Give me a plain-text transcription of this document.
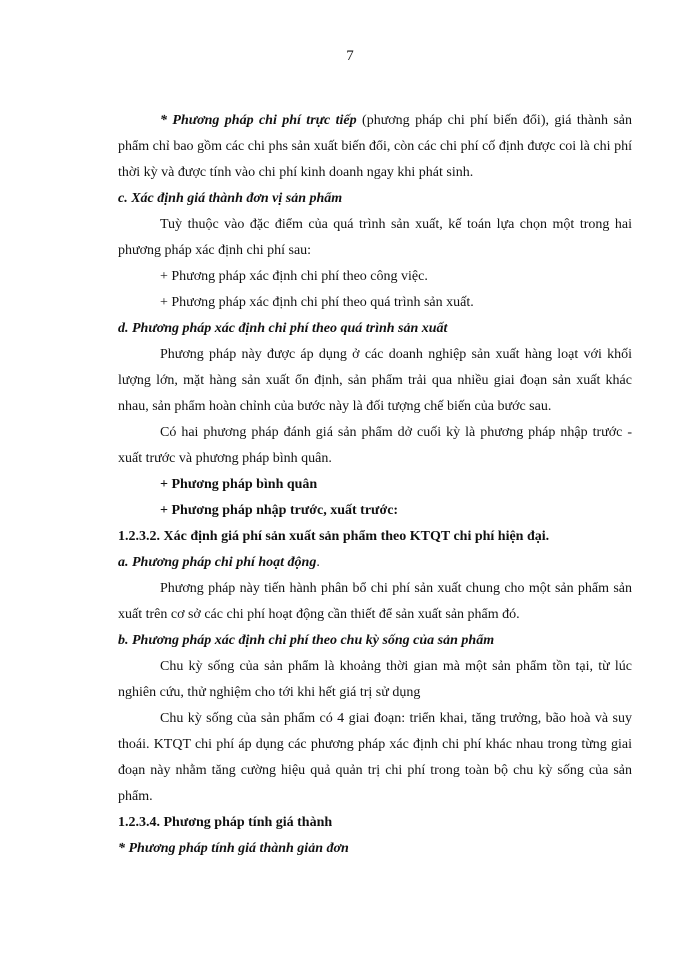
7

* Phương pháp chi phí trực tiếp (phương pháp chi phí biến đổi), giá thành sản phẩm chỉ bao gồm các chi phs sản xuất biến đổi, còn các chi phí cố định được coi là chi phí thời kỳ và được tính vào chi phí kinh doanh ngay khi phát sinh.

c. Xác định giá thành đơn vị sản phẩm

Tuỳ thuộc vào đặc điểm của quá trình sản xuất, kế toán lựa chọn một trong hai phương pháp xác định chi phí sau:

+ Phương pháp xác định chi phí theo công việc.

+ Phương pháp xác định chi phí theo quá trình sản xuất.

d. Phương pháp xác định chi phí theo quá trình sản xuất

Phương pháp này được áp dụng ở các doanh nghiệp sản xuất hàng loạt với khối lượng lớn, mặt hàng sản xuất ổn định, sản phẩm trải qua nhiều giai đoạn sản xuất khác nhau, sản phẩm hoàn chỉnh của bước này là đối tượng chế biến của bước sau.

Có hai phương pháp đánh giá sản phẩm dở cuối kỳ là phương pháp nhập trước - xuất trước và phương pháp bình quân.

+ Phương pháp bình quân

+ Phương pháp nhập trước, xuất trước:

1.2.3.2. Xác định giá phí sản xuất sản phẩm theo KTQT chi phí hiện đại.

a. Phương pháp chi phí hoạt động.

Phương pháp này tiến hành phân bổ chi phí sản xuất chung cho một sản phẩm sản xuất trên cơ sở các chi phí hoạt động cần thiết để sản xuất sản phẩm đó.

b. Phương pháp xác định chi phí theo chu kỳ sống của sản phẩm

Chu kỳ sống của sản phẩm là khoảng thời gian mà một sản phẩm tồn tại, từ lúc nghiên cứu, thử nghiệm cho tới khi hết giá trị sử dụng

Chu kỳ sống của sản phẩm có 4 giai đoạn: triển khai, tăng trưởng, bão hoà và suy thoái. KTQT chi phí áp dụng các phương pháp xác định chi phí khác nhau trong từng giai đoạn này nhằm tăng cường hiệu quả quản trị chi phí trong toàn bộ chu kỳ sống của sản phẩm.

1.2.3.4. Phương pháp tính giá thành

* Phương pháp tính giá thành giản đơn
